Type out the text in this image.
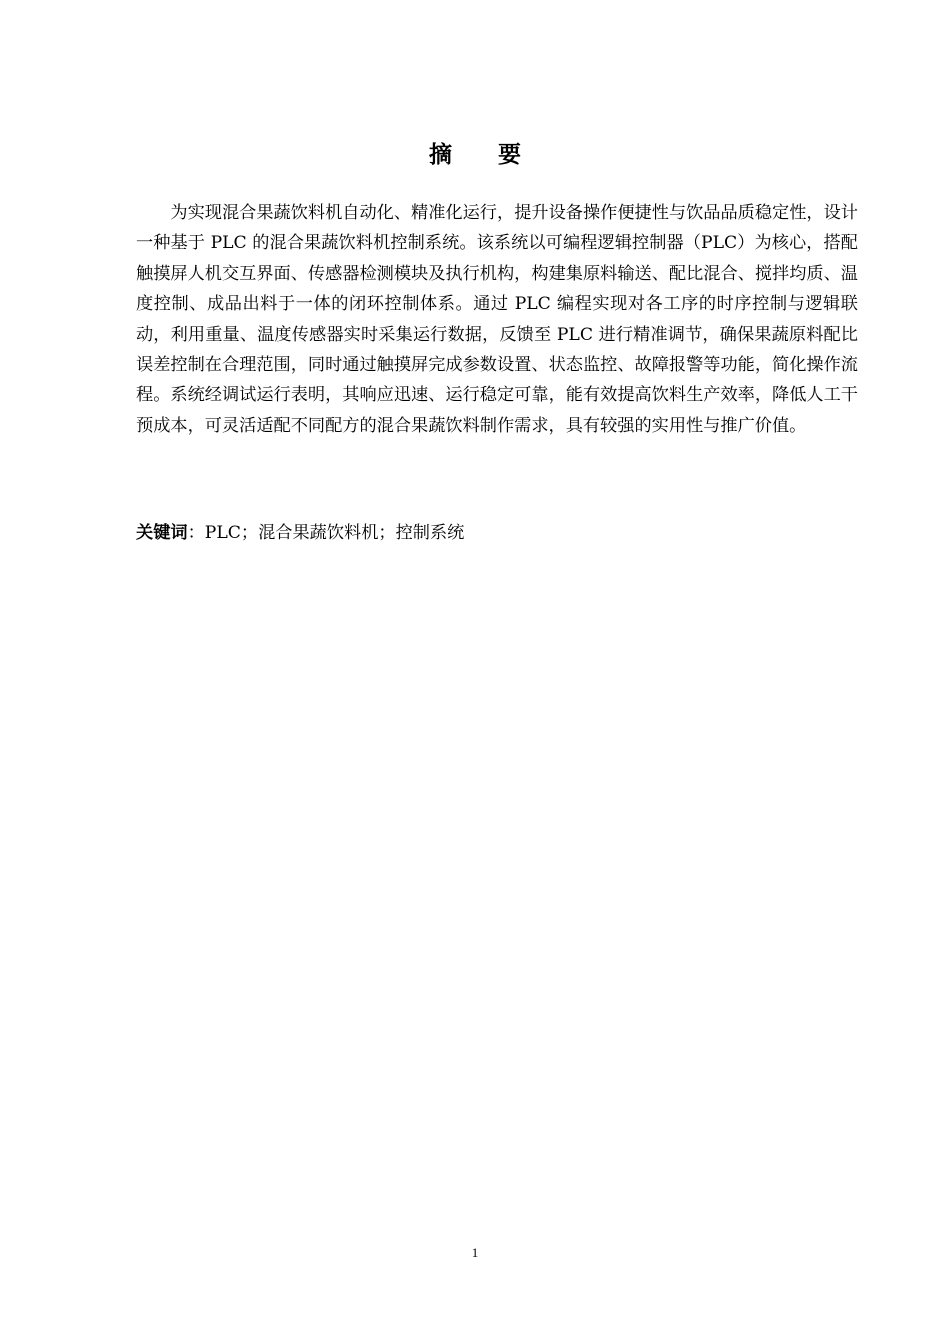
摘 要

为实现混合果蔬饮料机自动化、精准化运行，提升设备操作便捷性与饮品品质稳定性，设计一种基于 PLC 的混合果蔬饮料机控制系统。该系统以可编程逻辑控制器（PLC）为核心，搭配触摸屏人机交互界面、传感器检测模块及执行机构，构建集原料输送、配比混合、搅拌均质、温度控制、成品出料于一体的闭环控制体系。通过 PLC 编程实现对各工序的时序控制与逻辑联动，利用重量、温度传感器实时采集运行数据，反馈至 PLC 进行精准调节，确保果蔬原料配比误差控制在合理范围，同时通过触摸屏完成参数设置、状态监控、故障报警等功能，简化操作流程。系统经调试运行表明，其响应迅速、运行稳定可靠，能有效提高饮料生产效率，降低人工干预成本，可灵活适配不同配方的混合果蔬饮料制作需求，具有较强的实用性与推广价值。

关键词：PLC；混合果蔬饮料机；控制系统

1
